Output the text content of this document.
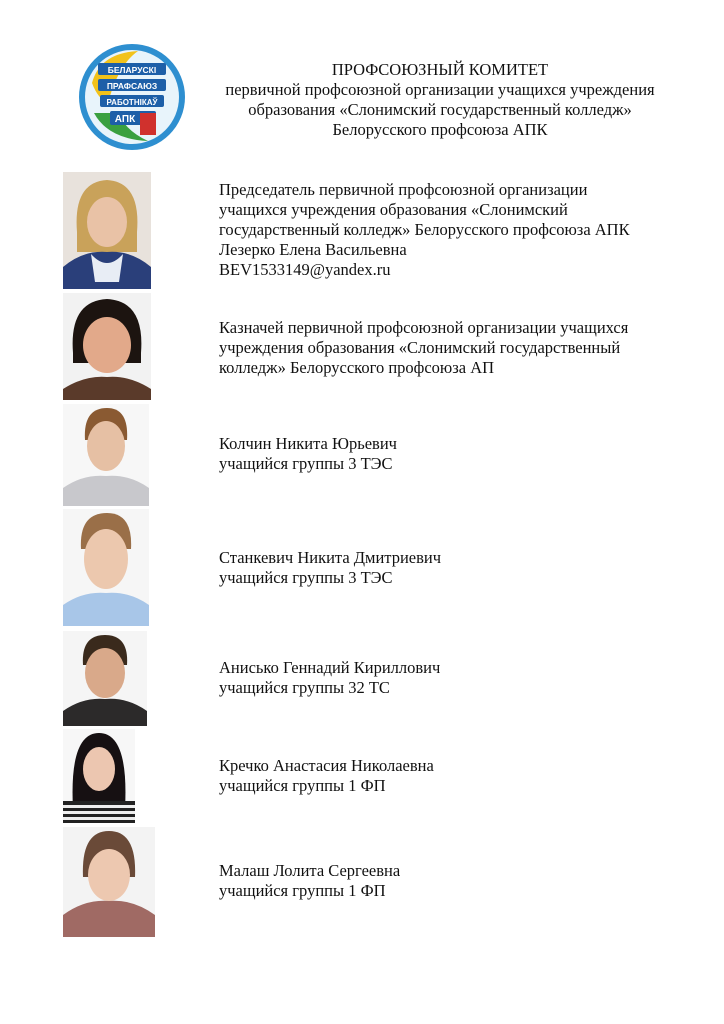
БЕЛАРУСКІ
ПРАФСАЮЗ
РАБОТНІКАЎ
АПК
ПРОФСОЮЗНЫЙ КОМИТЕТ
первичной профсоюзной организации учащихся учреждения
образования «Слонимский государственный колледж»
Белорусского профсоюза АПК
Председатель первичной профсоюзной организации
учащихся учреждения образования «Слонимский
государственный колледж» Белорусского профсоюза АПК
Лезерко Елена Васильевна
BEV1533149@yandex.ru
Казначей первичной профсоюзной организации учащихся
учреждения образования «Слонимский государственный
колледж» Белорусского профсоюза АП
Колчин Никита Юрьевич
учащийся группы 3 ТЭС
Станкевич Никита Дмитриевич
учащийся группы 3 ТЭС
Анисько Геннадий Кириллович
учащийся группы 32 ТС
Кречко Анастасия Николаевна
учащийся группы 1 ФП
Малаш Лолита Сергеевна
учащийся группы 1 ФП
